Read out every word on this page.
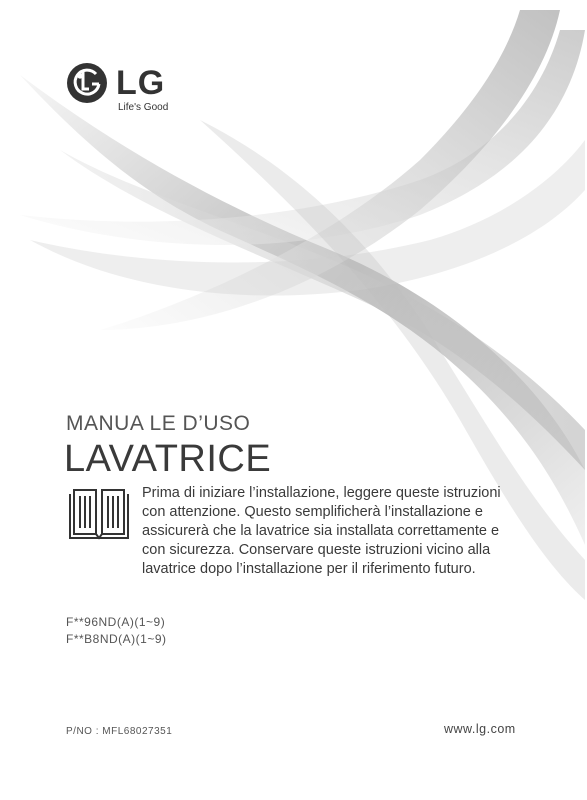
LG
Life's Good
MANUA LE D’USO
LAVATRICE
Prima di iniziare l’installazione, leggere queste istruzioni
con attenzione. Questo semplificherà l’installazione e
assicurerà che la lavatrice sia installata correttamente e
con sicurezza. Conservare queste istruzioni vicino alla
lavatrice dopo l’installazione per il riferimento futuro.
F**96ND(A)(1~9)
F**B8ND(A)(1~9)
P/NO : MFL68027351	www.lg.com
